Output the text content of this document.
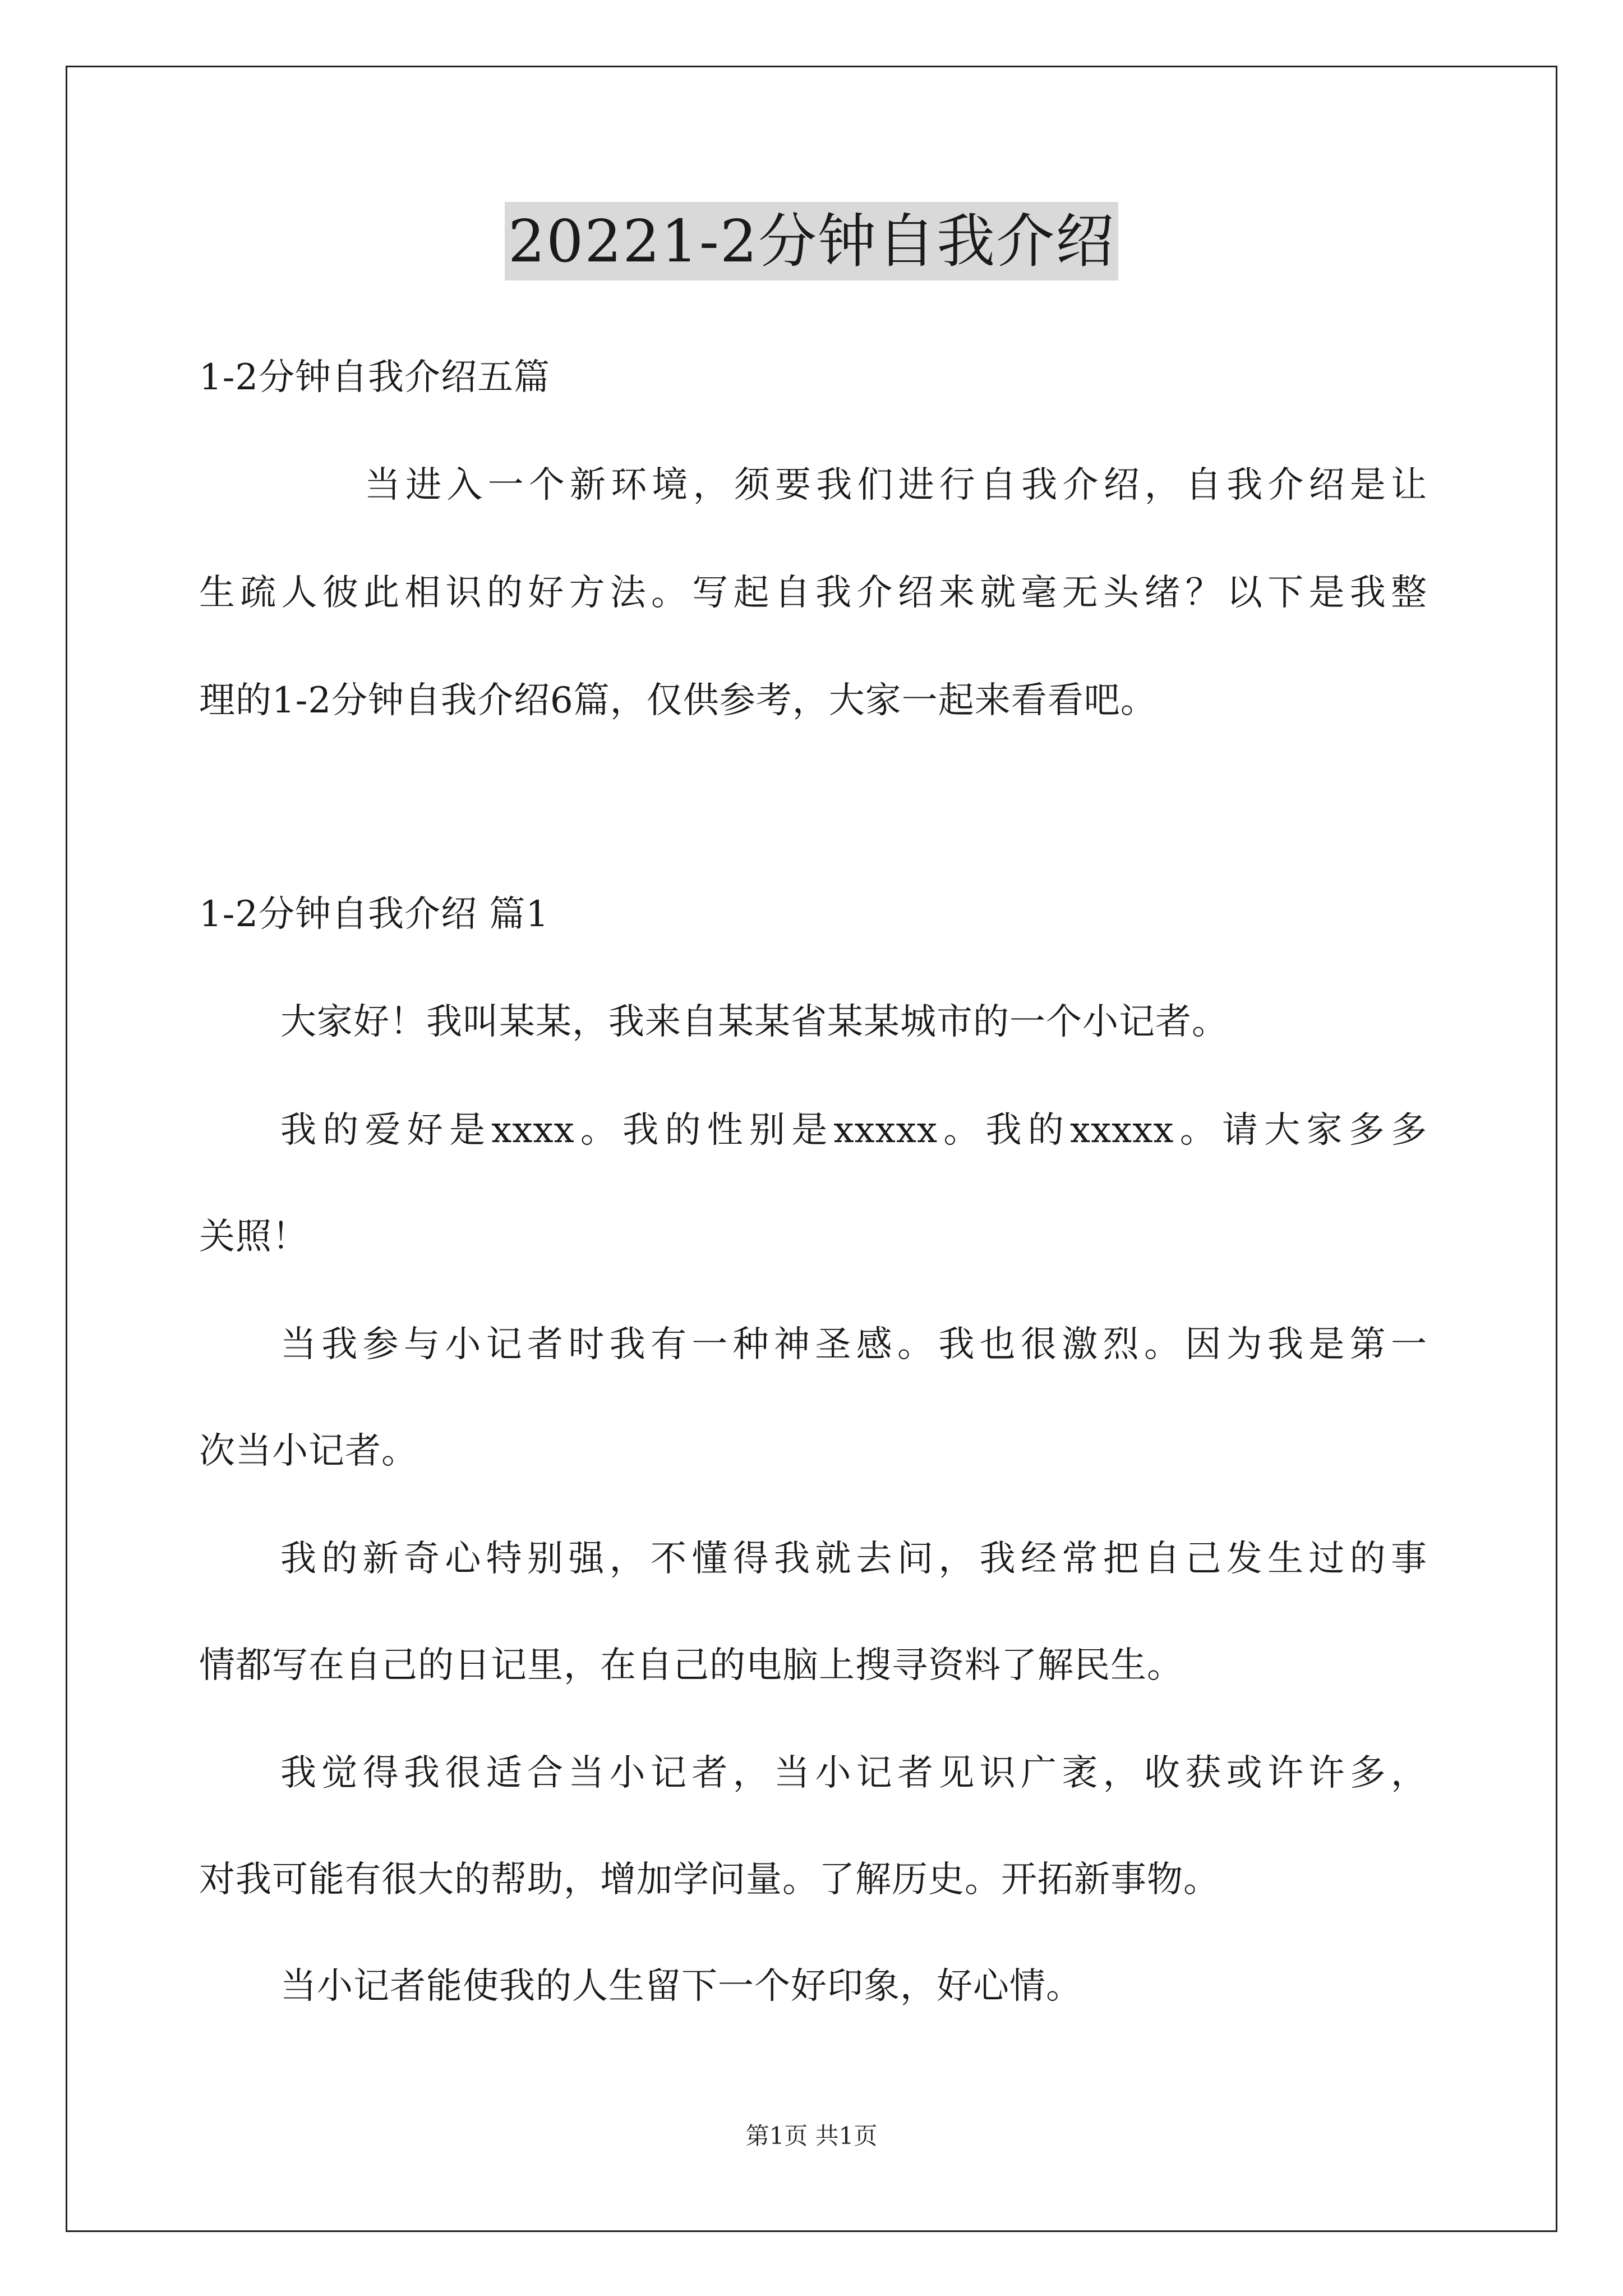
20221-2分钟自我介绍
1-2分钟自我介绍五篇
当进入一个新环境，须要我们进行自我介绍，自我介绍是让
生疏人彼此相识的好方法。写起自我介绍来就毫无头绪？以下是我整
理的1-2分钟自我介绍6篇，仅供参考，大家一起来看看吧。
1-2分钟自我介绍 篇1
大家好！我叫某某，我来自某某省某某城市的一个小记者。
我的爱好是xxxx。我的性别是xxxxx。我的xxxxx。请大家多多
关照！
当我参与小记者时我有一种神圣感。我也很激烈。因为我是第一
次当小记者。
我的新奇心特别强，不懂得我就去问，我经常把自己发生过的事
情都写在自己的日记里，在自己的电脑上搜寻资料了解民生。
我觉得我很适合当小记者，当小记者见识广袤，收获或许许多，
对我可能有很大的帮助，增加学问量。了解历史。开拓新事物。
当小记者能使我的人生留下一个好印象，好心情。
第1页 共1页
